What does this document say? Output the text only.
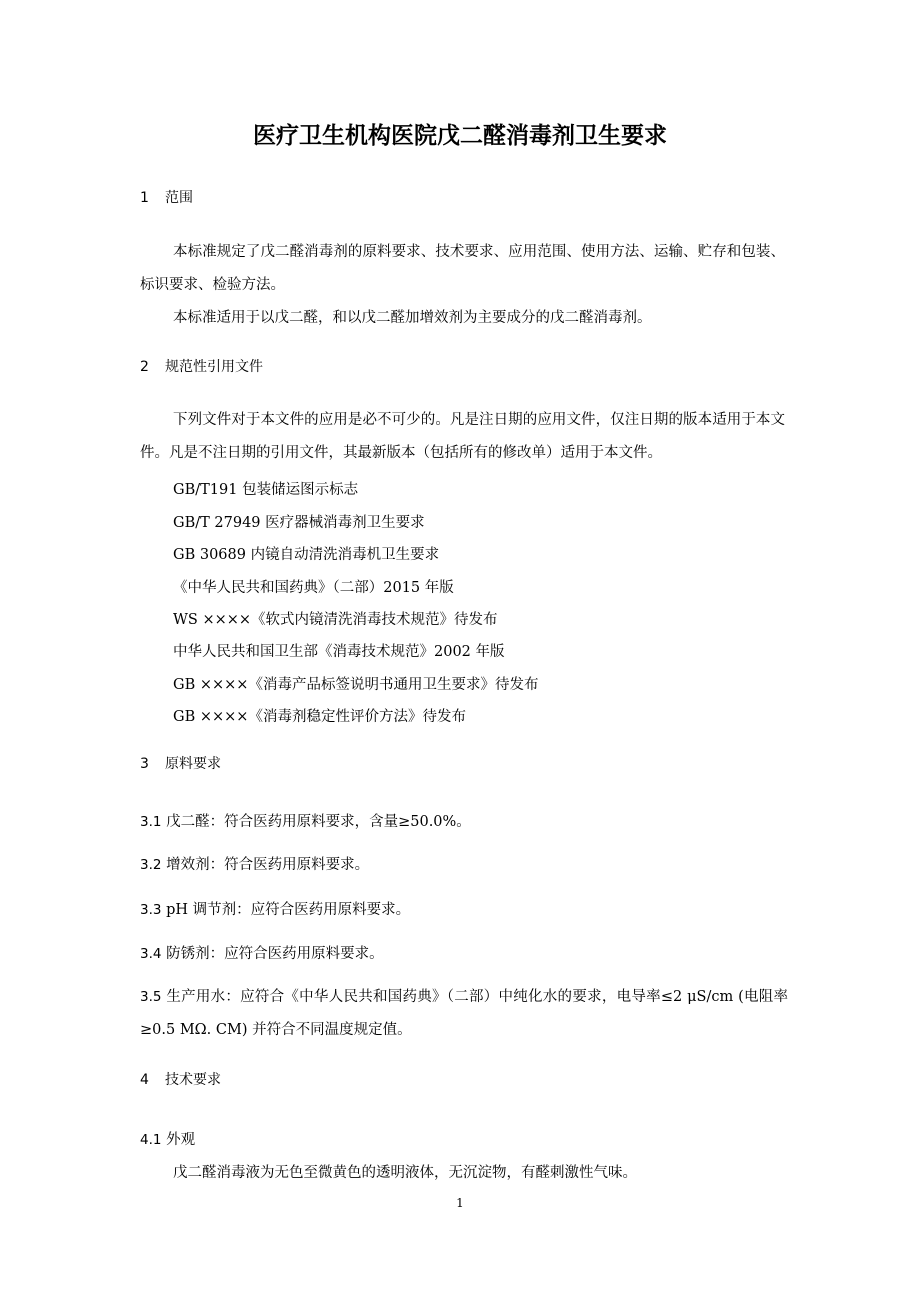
医疗卫生机构医院戊二醛消毒剂卫生要求
1 范围
本标准规定了戊二醛消毒剂的原料要求、技术要求、应用范围、使用方法、运输、贮存和包装、标识要求、检验方法。
本标准适用于以戊二醛，和以戊二醛加增效剂为主要成分的戊二醛消毒剂。
2 规范性引用文件
下列文件对于本文件的应用是必不可少的。凡是注日期的应用文件，仅注日期的版本适用于本文件。凡是不注日期的引用文件，其最新版本（包括所有的修改单）适用于本文件。
GB/T191 包装储运图示标志
GB/T 27949 医疗器械消毒剂卫生要求
GB 30689 内镜自动清洗消毒机卫生要求
《中华人民共和国药典》（二部）2015 年版
WS ××××《软式内镜清洗消毒技术规范》待发布
中华人民共和国卫生部《消毒技术规范》2002 年版
GB ××××《消毒产品标签说明书通用卫生要求》待发布
GB ××××《消毒剂稳定性评价方法》待发布
3 原料要求
3.1 戊二醛：符合医药用原料要求，含量≥50.0%。
3.2 增效剂：符合医药用原料要求。
3.3 pH 调节剂：应符合医药用原料要求。
3.4 防锈剂：应符合医药用原料要求。
3.5 生产用水：应符合《中华人民共和国药典》（二部）中纯化水的要求，电导率≤2 μS/cm (电阻率≥0.5 MΩ. CM) 并符合不同温度规定值。
4 技术要求
4.1 外观
戊二醛消毒液为无色至微黄色的透明液体，无沉淀物，有醛刺激性气味。
1
